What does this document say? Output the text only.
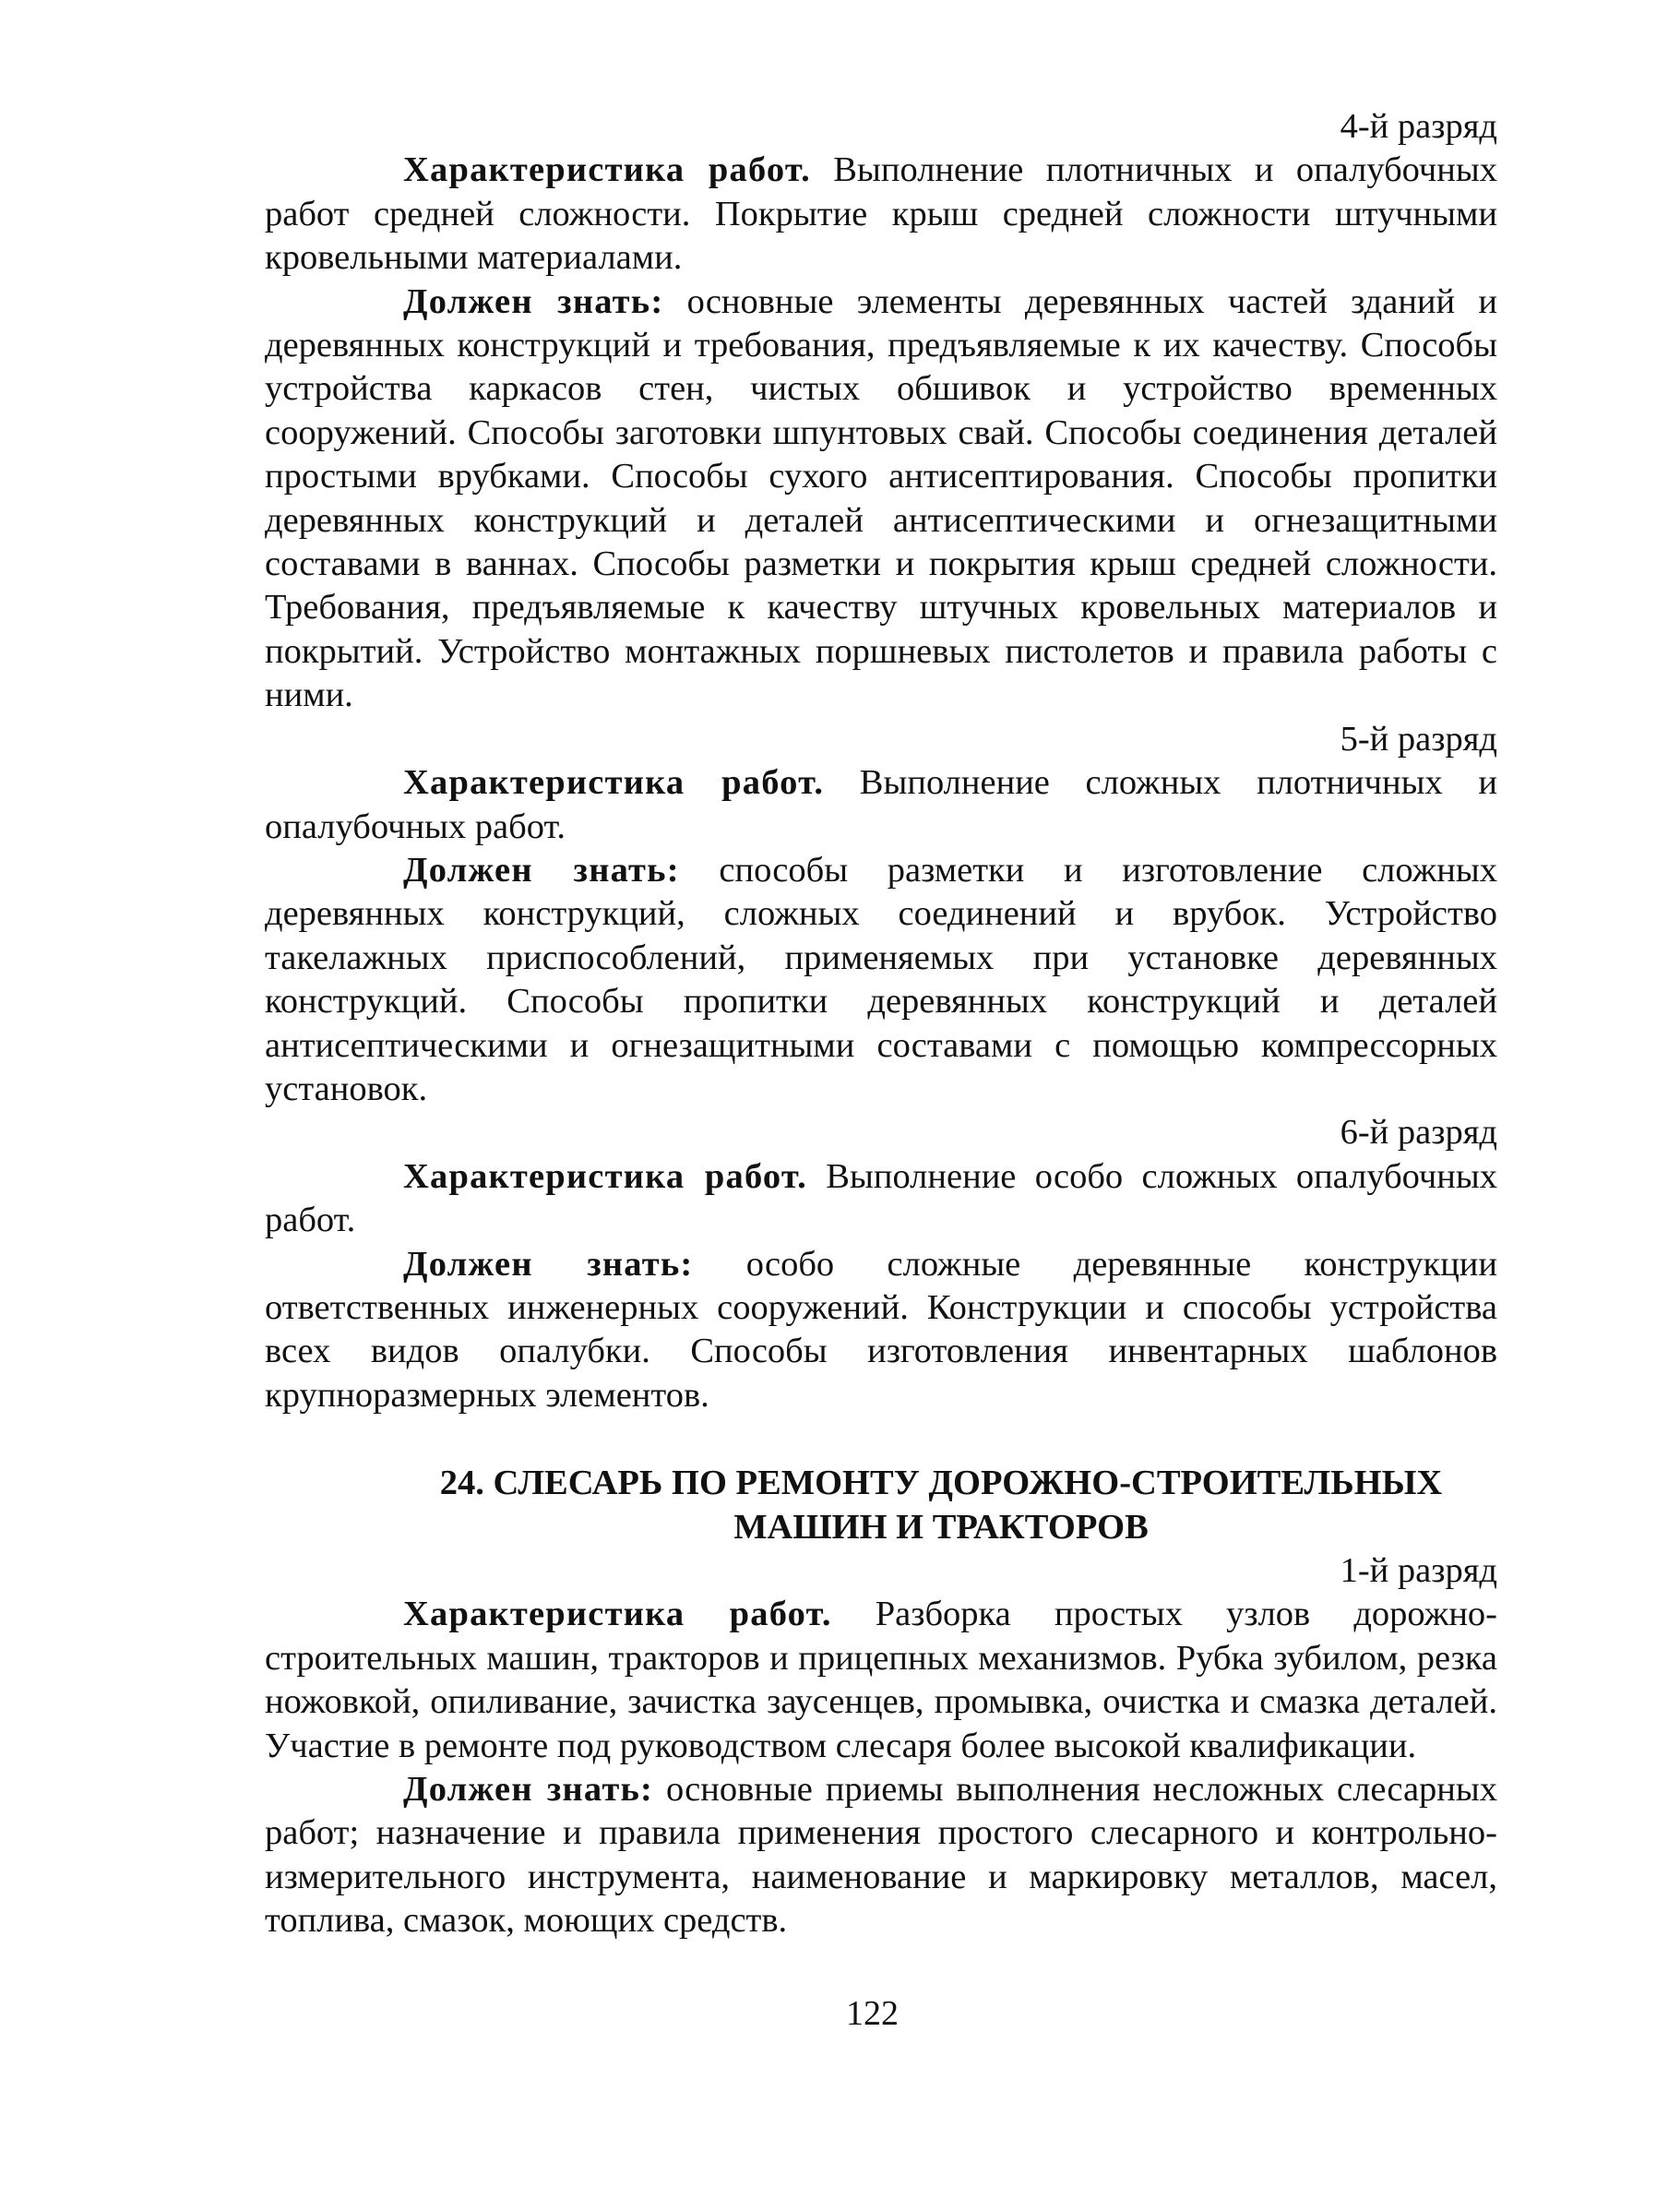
4-й разряд

Характеристика работ. Выполнение плотничных и опалубочных работ средней сложности. Покрытие крыш средней сложности штучными кровельными материалами.

Должен знать: основные элементы деревянных частей зданий и деревянных конструкций и требования, предъявляемые к их качеству. Способы устройства каркасов стен, чистых обшивок и устройство временных сооружений. Способы заготовки шпунтовых свай. Способы соединения деталей простыми врубками. Способы сухого антисептирования. Способы пропитки деревянных конструкций и деталей антисептическими и огнезащитными составами в ваннах. Способы разметки и покрытия крыш средней сложности. Требования, предъявляемые к качеству штучных кровельных материалов и покрытий. Устройство монтажных поршневых пистолетов и правила работы с ними.

5-й разряд

Характеристика работ. Выполнение сложных плотничных и опалубочных работ.

Должен знать: способы разметки и изготовление сложных деревянных конструкций, сложных соединений и врубок. Устройство такелажных приспособлений, применяемых при установке деревянных конструкций. Способы пропитки деревянных конструкций и деталей антисептическими и огнезащитными составами с помощью компрессорных установок.

6-й разряд

Характеристика работ. Выполнение особо сложных опалубочных работ.

Должен знать: особо сложные деревянные конструкции ответственных инженерных сооружений. Конструкции и способы устройства всех видов опалубки. Способы изготовления инвентарных шаблонов крупноразмерных элементов.

24. СЛЕСАРЬ ПО РЕМОНТУ ДОРОЖНО-СТРОИТЕЛЬНЫХ

МАШИН И ТРАКТОРОВ

1-й разряд

Характеристика работ. Разборка простых узлов дорожно-строительных машин, тракторов и прицепных механизмов. Рубка зубилом, резка ножовкой, опиливание, зачистка заусенцев, промывка, очистка и смазка деталей. Участие в ремонте под руководством слесаря более высокой квалификации.

Должен знать: основные приемы выполнения несложных слесарных работ; назначение и правила применения простого слесарного и контрольно-измерительного инструмента, наименование и маркировку металлов, масел, топлива, смазок, моющих средств.

122
